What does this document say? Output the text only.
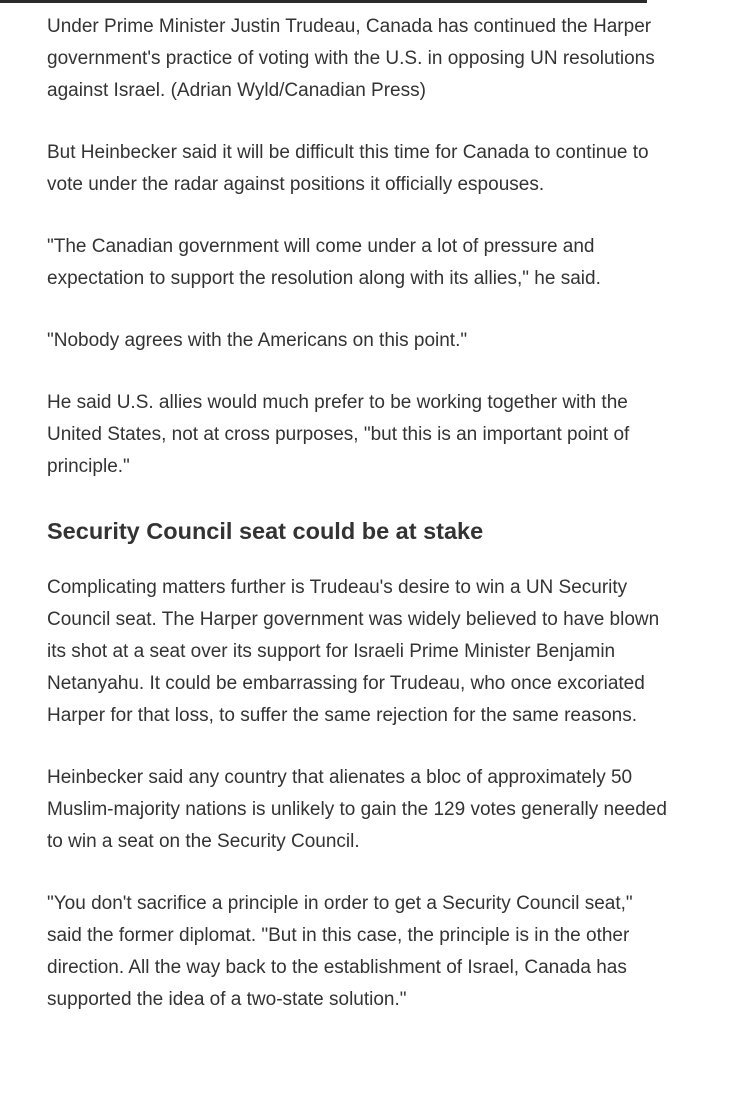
Under Prime Minister Justin Trudeau, Canada has continued the Harper government's practice of voting with the U.S. in opposing UN resolutions against Israel. (Adrian Wyld/Canadian Press)

But Heinbecker said it will be difficult this time for Canada to continue to vote under the radar against positions it officially espouses.

"The Canadian government will come under a lot of pressure and expectation to support the resolution along with its allies," he said.

"Nobody agrees with the Americans on this point."

He said U.S. allies would much prefer to be working together with the United States, not at cross purposes, "but this is an important point of principle."

Security Council seat could be at stake

Complicating matters further is Trudeau's desire to win a UN Security Council seat. The Harper government was widely believed to have blown its shot at a seat over its support for Israeli Prime Minister Benjamin Netanyahu. It could be embarrassing for Trudeau, who once excoriated Harper for that loss, to suffer the same rejection for the same reasons.

Heinbecker said any country that alienates a bloc of approximately 50 Muslim-majority nations is unlikely to gain the 129 votes generally needed to win a seat on the Security Council.

"You don't sacrifice a principle in order to get a Security Council seat," said the former diplomat. "But in this case, the principle is in the other direction. All the way back to the establishment of Israel, Canada has supported the idea of a two-state solution."
